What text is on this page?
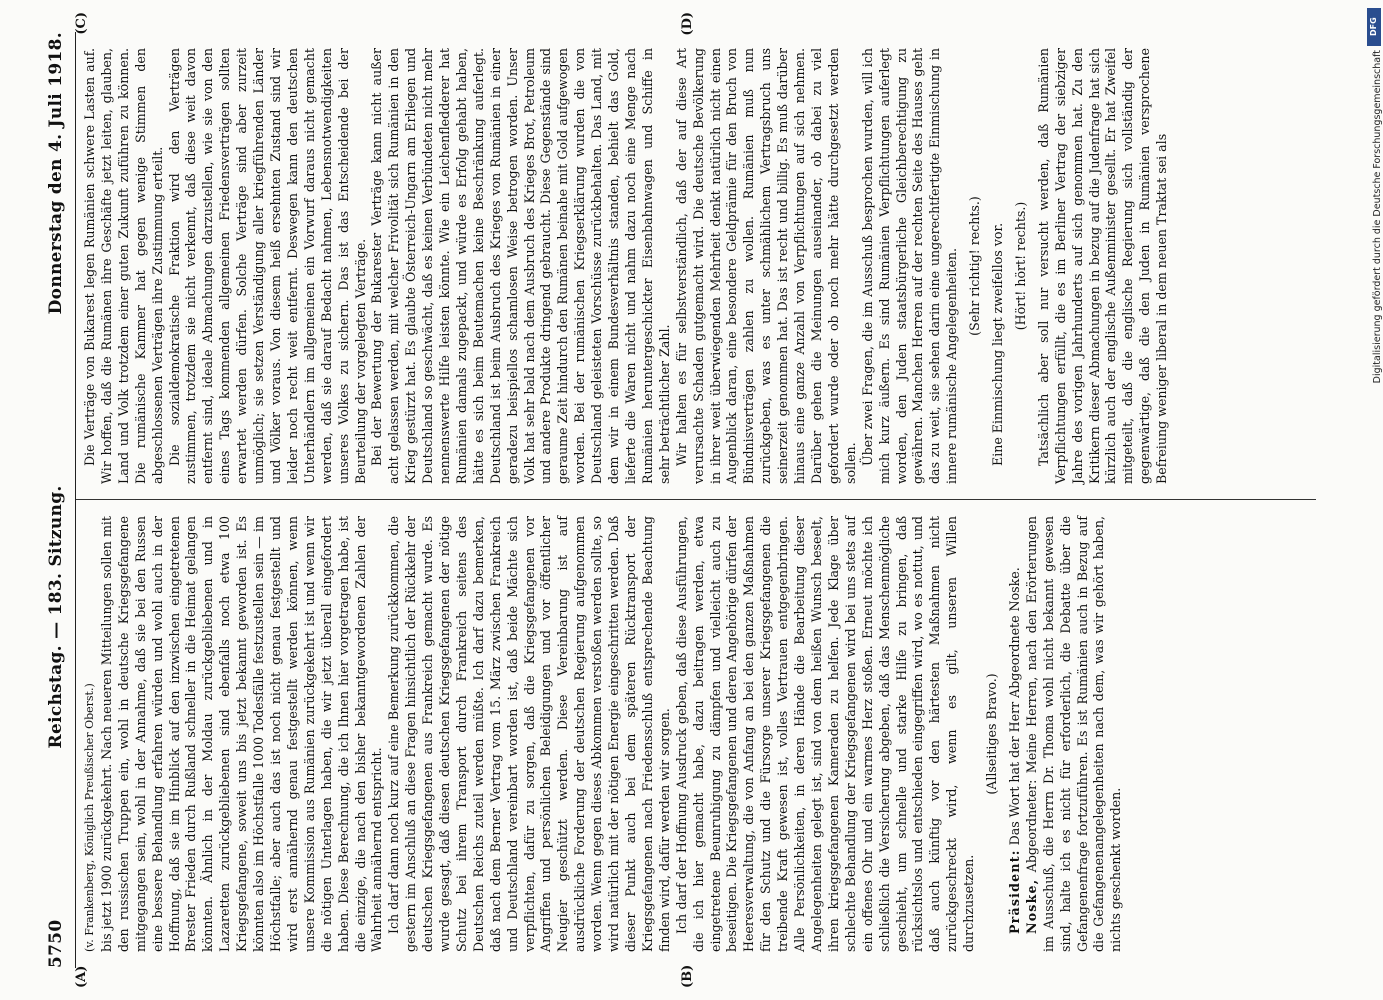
5750
Reichstag. — 183. Sitzung.
Donnerstag den 4. Juli 1918.

(v. Frankenberg, Königlich Preußischer Oberst.) bis jetzt 1900 zurückgekehrt. Nach neueren Mitteilungen sollen mit den russischen Truppen ein, wohl in deutsche Kriegsgefangene mitgegangen sein, wohl in der Annahme, daß sie bei den Russen eine bessere Behandlung erfahren würden und wohl auch in der Hoffnung, daß sie im Hinblick auf den inzwischen eingetretenen Brester Frieden durch Rußland schneller in die Heimat gelangen könnten. Ähnlich in der Moldau zurückgebliebenen und in Lazaretten zurückgebliebenen sind ebenfalls noch etwa 100 Kriegsgefangene, soweit uns bis jetzt bekannt geworden ist. Es könnten also im Höchstfalle 1000 Todesfälle festzustellen sein — im Höchstfalle; aber auch das ist noch nicht genau festgestellt und wird erst annähernd genau festgestellt werden können, wenn unsere Kommission aus Rumänien zurückgekehrt ist und wenn wir die nötigen Unterlagen haben, die wir jetzt überall eingefordert haben. Diese Berechnung, die ich Ihnen hier vorgetragen habe, ist die einzige, die nach den bisher bekanntgewordenen Zahlen der Wahrheit annähernd entspricht. Ich darf dann noch kurz auf eine Bemerkung zurückkommen, die gestern im Anschluß an diese Fragen hinsichtlich der Rückkehr der deutschen Kriegsgefangenen aus Frankreich gemacht wurde. Es wurde gesagt, daß diesen deutschen Kriegsgefangenen der nötige Schutz bei ihrem Transport durch Frankreich seitens des Deutschen Reichs zuteil werden müßte. Ich darf dazu bemerken, daß nach dem Berner Vertrag vom 15. März zwischen Frankreich und Deutschland vereinbart worden ist, daß beide Mächte sich verpflichten, dafür zu sorgen, daß die Kriegsgefangenen vor Angriffen und persönlichen Beleidigungen und vor öffentlicher Neugier geschützt werden. Diese Vereinbarung ist auf ausdrückliche Forderung der deutschen Regierung aufgenommen worden. Wenn gegen dieses Abkommen verstoßen werden sollte, so wird natürlich mit der nötigen Energie eingeschritten werden. Daß dieser Punkt auch bei dem späteren Rücktransport der Kriegsgefangenen nach Friedensschluß entsprechende Beachtung finden wird, dafür werden wir sorgen. Ich darf der Hoffnung Ausdruck geben, daß diese Ausführungen, die ich hier gemacht habe, dazu beitragen werden, etwa eingetretene Beunruhigung zu dämpfen und vielleicht auch zu beseitigen. Die Kriegsgefangenen und deren Angehörige dürfen der Heeresverwaltung, die von Anfang an bei den ganzen Maßnahmen für den Schutz und die Fürsorge unserer Kriegsgefangenen die treibende Kraft gewesen ist, volles Vertrauen entgegenbringen. Alle Persönlichkeiten, in deren Hände die Bearbeitung dieser Angelegenheiten gelegt ist, sind von dem heißen Wunsch beseelt, ihren kriegsgefangenen Kameraden zu helfen. Jede Klage über schlechte Behandlung der Kriegsgefangenen wird bei uns stets auf ein offenes Ohr und ein warmes Herz stoßen. Erneut möchte ich schließlich die Versicherung abgeben, daß das Menschenmögliche geschieht, um schnelle und starke Hilfe zu bringen, daß rücksichtslos und entschieden eingegriffen wird, wo es nottut, und daß auch künftig vor den härtesten Maßnahmen nicht zurückgeschreckt wird, wenn es gilt, unseren Willen durchzusetzen.

(Allseitiges Bravo.)

Präsident: Das Wort hat der Herr Abgeordnete Noske.

Noske, Abgeordneter: Meine Herren, nach den Erörterungen im Ausschuß, die Herrn Dr. Thoma wohl nicht bekannt gewesen sind, halte ich es nicht für erforderlich, die Debatte über die Gefangenenfrage fortzuführen. Es ist Rumänien auch in Bezug auf die Gefangenenangelegenheiten nach dem, was wir gehört haben, nichts geschenkt worden.

Die Verträge von Bukarest legen Rumänien schwere Lasten auf. Wir hoffen, daß die Rumänen ihre Geschäfte jetzt leiten, glauben, Land und Volk trotzdem einer guten Zukunft zuführen zu können. Die rumänische Kammer hat gegen wenige Stimmen den abgeschlossenen Verträgen ihre Zustimmung erteilt. Die sozialdemokratische Fraktion wird den Verträgen zustimmen, trotzdem sie nicht verkennt, daß diese weit davon entfernt sind, ideale Abmachungen darzustellen, wie sie von den eines Tags kommenden allgemeinen Friedensverträgen sollten erwartet werden dürfen. Solche Verträge sind aber zurzeit unmöglich; sie setzen Verständigung aller kriegführenden Länder und Völker voraus. Von diesem heiß ersehnten Zustand sind wir leider noch recht weit entfernt. Deswegen kann den deutschen Unterhändlern im allgemeinen ein Vorwurf daraus nicht gemacht werden, daß sie darauf Bedacht nahmen, Lebensnotwendigkeiten unseres Volkes zu sichern. Das ist das Entscheidende bei der Beurteilung der vorgelegten Verträge. Bei der Bewertung der Bukarester Verträge kann nicht außer acht gelassen werden, mit welcher Frivolität sich Rumänien in den Krieg gestürzt hat. Es glaubte Österreich-Ungarn am Erliegen und Deutschland so geschwächt, daß es keinen Verbündeten nicht mehr nennenswerte Hilfe leisten könnte. Wie ein Leichenfledderer hat Rumänien damals zugepackt, und würde es Erfolg gehabt haben, hätte es sich beim Beutemachen keine Beschränkung auferlegt. Deutschland ist beim Ausbruch des Krieges von Rumänien in einer geradezu beispiellos schamlosen Weise betrogen worden. Unser Volk hat sehr bald nach dem Ausbruch des Krieges Brot, Petroleum und andere Produkte dringend gebraucht. Diese Gegenstände sind geraume Zeit hindurch den Rumänen beinahe mit Gold aufgewogen worden. Bei der rumänischen Kriegserklärung wurden die von Deutschland geleisteten Vorschüsse zurückbehalten. Das Land, mit dem wir in einem Bundesverhältnis standen, behielt das Gold, lieferte die Waren nicht und nahm dazu noch eine Menge nach Rumänien heruntergeschickter Eisenbahnwagen und Schiffe in sehr beträchtlicher Zahl. Wir halten es für selbstverständlich, daß der auf diese Art verursachte Schaden gutgemacht wird. Die deutsche Bevölkerung in ihrer weit überwiegenden Mehrheit denkt natürlich nicht einen Augenblick daran, eine besondere Geldprämie für den Bruch von Bündnisverträgen zahlen zu wollen. Rumänien muß nun zurückgeben, was es unter schmählichem Vertragsbruch uns seinerzeit genommen hat. Das ist recht und billig. Es muß darüber hinaus eine ganze Anzahl von Verpflichtungen auf sich nehmen. Darüber gehen die Meinungen auseinander, ob dabei zu viel gefordert wurde oder ob noch mehr hätte durchgesetzt werden sollen. Über zwei Fragen, die im Ausschuß besprochen wurden, will ich mich kurz äußern. Es sind Rumänien Verpflichtungen auferlegt worden, den Juden staatsbürgerliche Gleichberechtigung zu gewähren. Manchen Herren auf der rechten Seite des Hauses geht das zu weit, sie sehen darin eine ungerechtfertigte Einmischung in innere rumänische Angelegenheiten. (Sehr richtig! rechts.) Eine Einmischung liegt zweifellos vor. (Hört! hört! rechts.) Tatsächlich aber soll nur versucht werden, daß Rumänien Verpflichtungen erfüllt, die es im Berliner Vertrag der siebziger Jahre des vorigen Jahrhunderts auf sich genommen hat. Zu den Kritikern dieser Abmachungen in bezug auf die Judenfrage hat sich kürzlich auch der englische Außenminister gesellt. Er hat Zweifel mitgeteilt, daß die englische Regierung sich vollständig der gegenwärtige, daß die den Juden in Rumänien versprochene Befreiung weniger liberal in dem neuen Traktat sei als

(A)	(B)
(C)	(D)	DFG
Digitalisierung gefördert durch die Deutsche Forschungsgemeinschaft
